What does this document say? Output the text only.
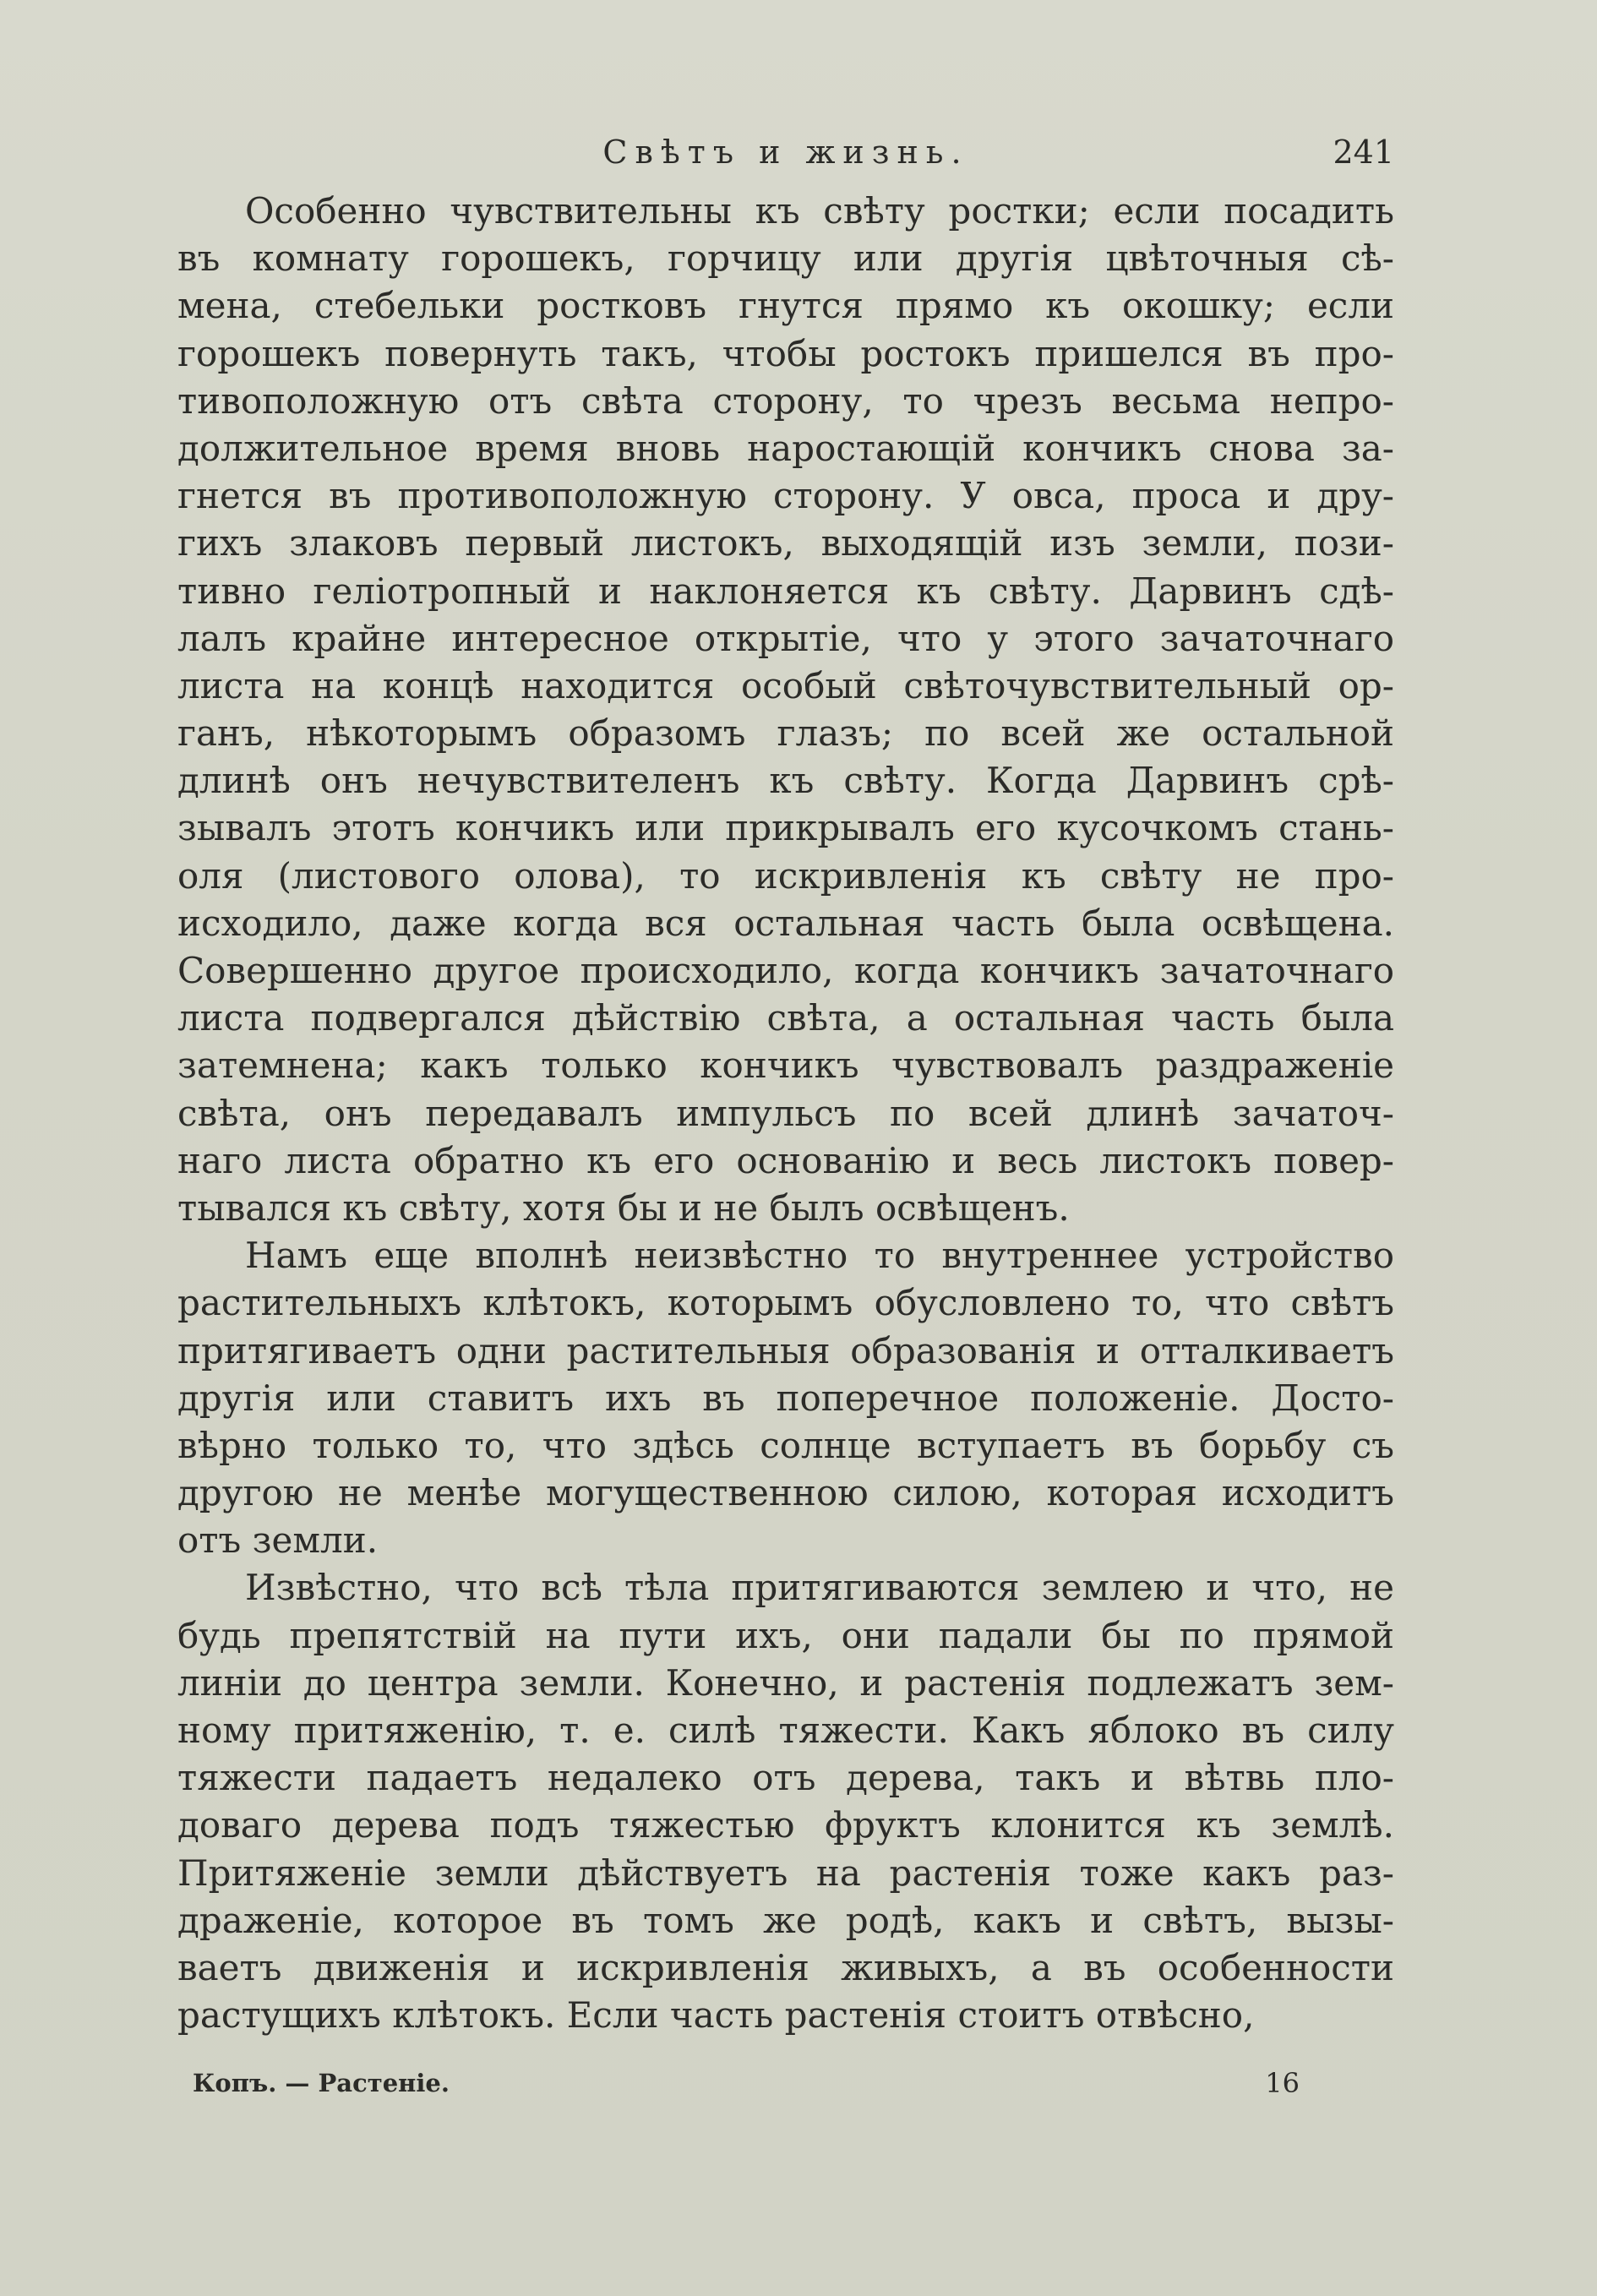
Свѣтъ и жизнь.	241
Особенно чувствительны къ свѣту ростки; если посадить
въ комнату горошекъ, горчицу или другія цвѣточныя сѣ-
мена, стебельки ростковъ гнутся прямо къ окошку; если
горошекъ повернуть такъ, чтобы ростокъ пришелся въ про-
тивоположную отъ свѣта сторону, то чрезъ весьма непро-
должительное время вновь наростающій кончикъ снова за-
гнется въ противоположную сторону. У овса, проса и дру-
гихъ злаковъ первый листокъ, выходящій изъ земли, пози-
тивно геліотропный и наклоняется къ свѣту. Дарвинъ сдѣ-
лалъ крайне интересное открытіе, что у этого зачаточнаго
листа на концѣ находится особый свѣточувствительный ор-
ганъ, нѣкоторымъ образомъ глазъ; по всей же остальной
длинѣ онъ нечувствителенъ къ свѣту. Когда Дарвинъ срѣ-
зывалъ этотъ кончикъ или прикрывалъ его кусочкомъ стань-
оля (листового олова), то искривленія къ свѣту не про-
исходило, даже когда вся остальная часть была освѣщена.
Совершенно другое происходило, когда кончикъ зачаточнаго
листа подвергался дѣйствію свѣта, а остальная часть была
затемнена; какъ только кончикъ чувствовалъ раздраженіе
свѣта, онъ передавалъ импульсъ по всей длинѣ зачаточ-
наго листа обратно къ его основанію и весь листокъ повер-
тывался къ свѣту, хотя бы и не былъ освѣщенъ.
Намъ еще вполнѣ неизвѣстно то внутреннее устройство
растительныхъ клѣтокъ, которымъ обусловлено то, что свѣтъ
притягиваетъ одни растительныя образованія и отталкиваетъ
другія или ставитъ ихъ въ поперечное положеніе. Досто-
вѣрно только то, что здѣсь солнце вступаетъ въ борьбу съ
другою не менѣе могущественною силою, которая исходитъ
отъ земли.
Извѣстно, что всѣ тѣла притягиваются землею и что, не
будь препятствій на пути ихъ, они падали бы по прямой
линіи до центра земли. Конечно, и растенія подлежатъ зем-
ному притяженію, т. е. силѣ тяжести. Какъ яблоко въ силу
тяжести падаетъ недалеко отъ дерева, такъ и вѣтвь пло-
доваго дерева подъ тяжестью фруктъ клонится къ землѣ.
Притяженіе земли дѣйствуетъ на растенія тоже какъ раз-
драженіе, которое въ томъ же родѣ, какъ и свѣтъ, вызы-
ваетъ движенія и искривленія живыхъ, а въ особенности
растущихъ клѣтокъ. Если часть растенія стоитъ отвѣсно,
Копъ. — Растеніе.	16
